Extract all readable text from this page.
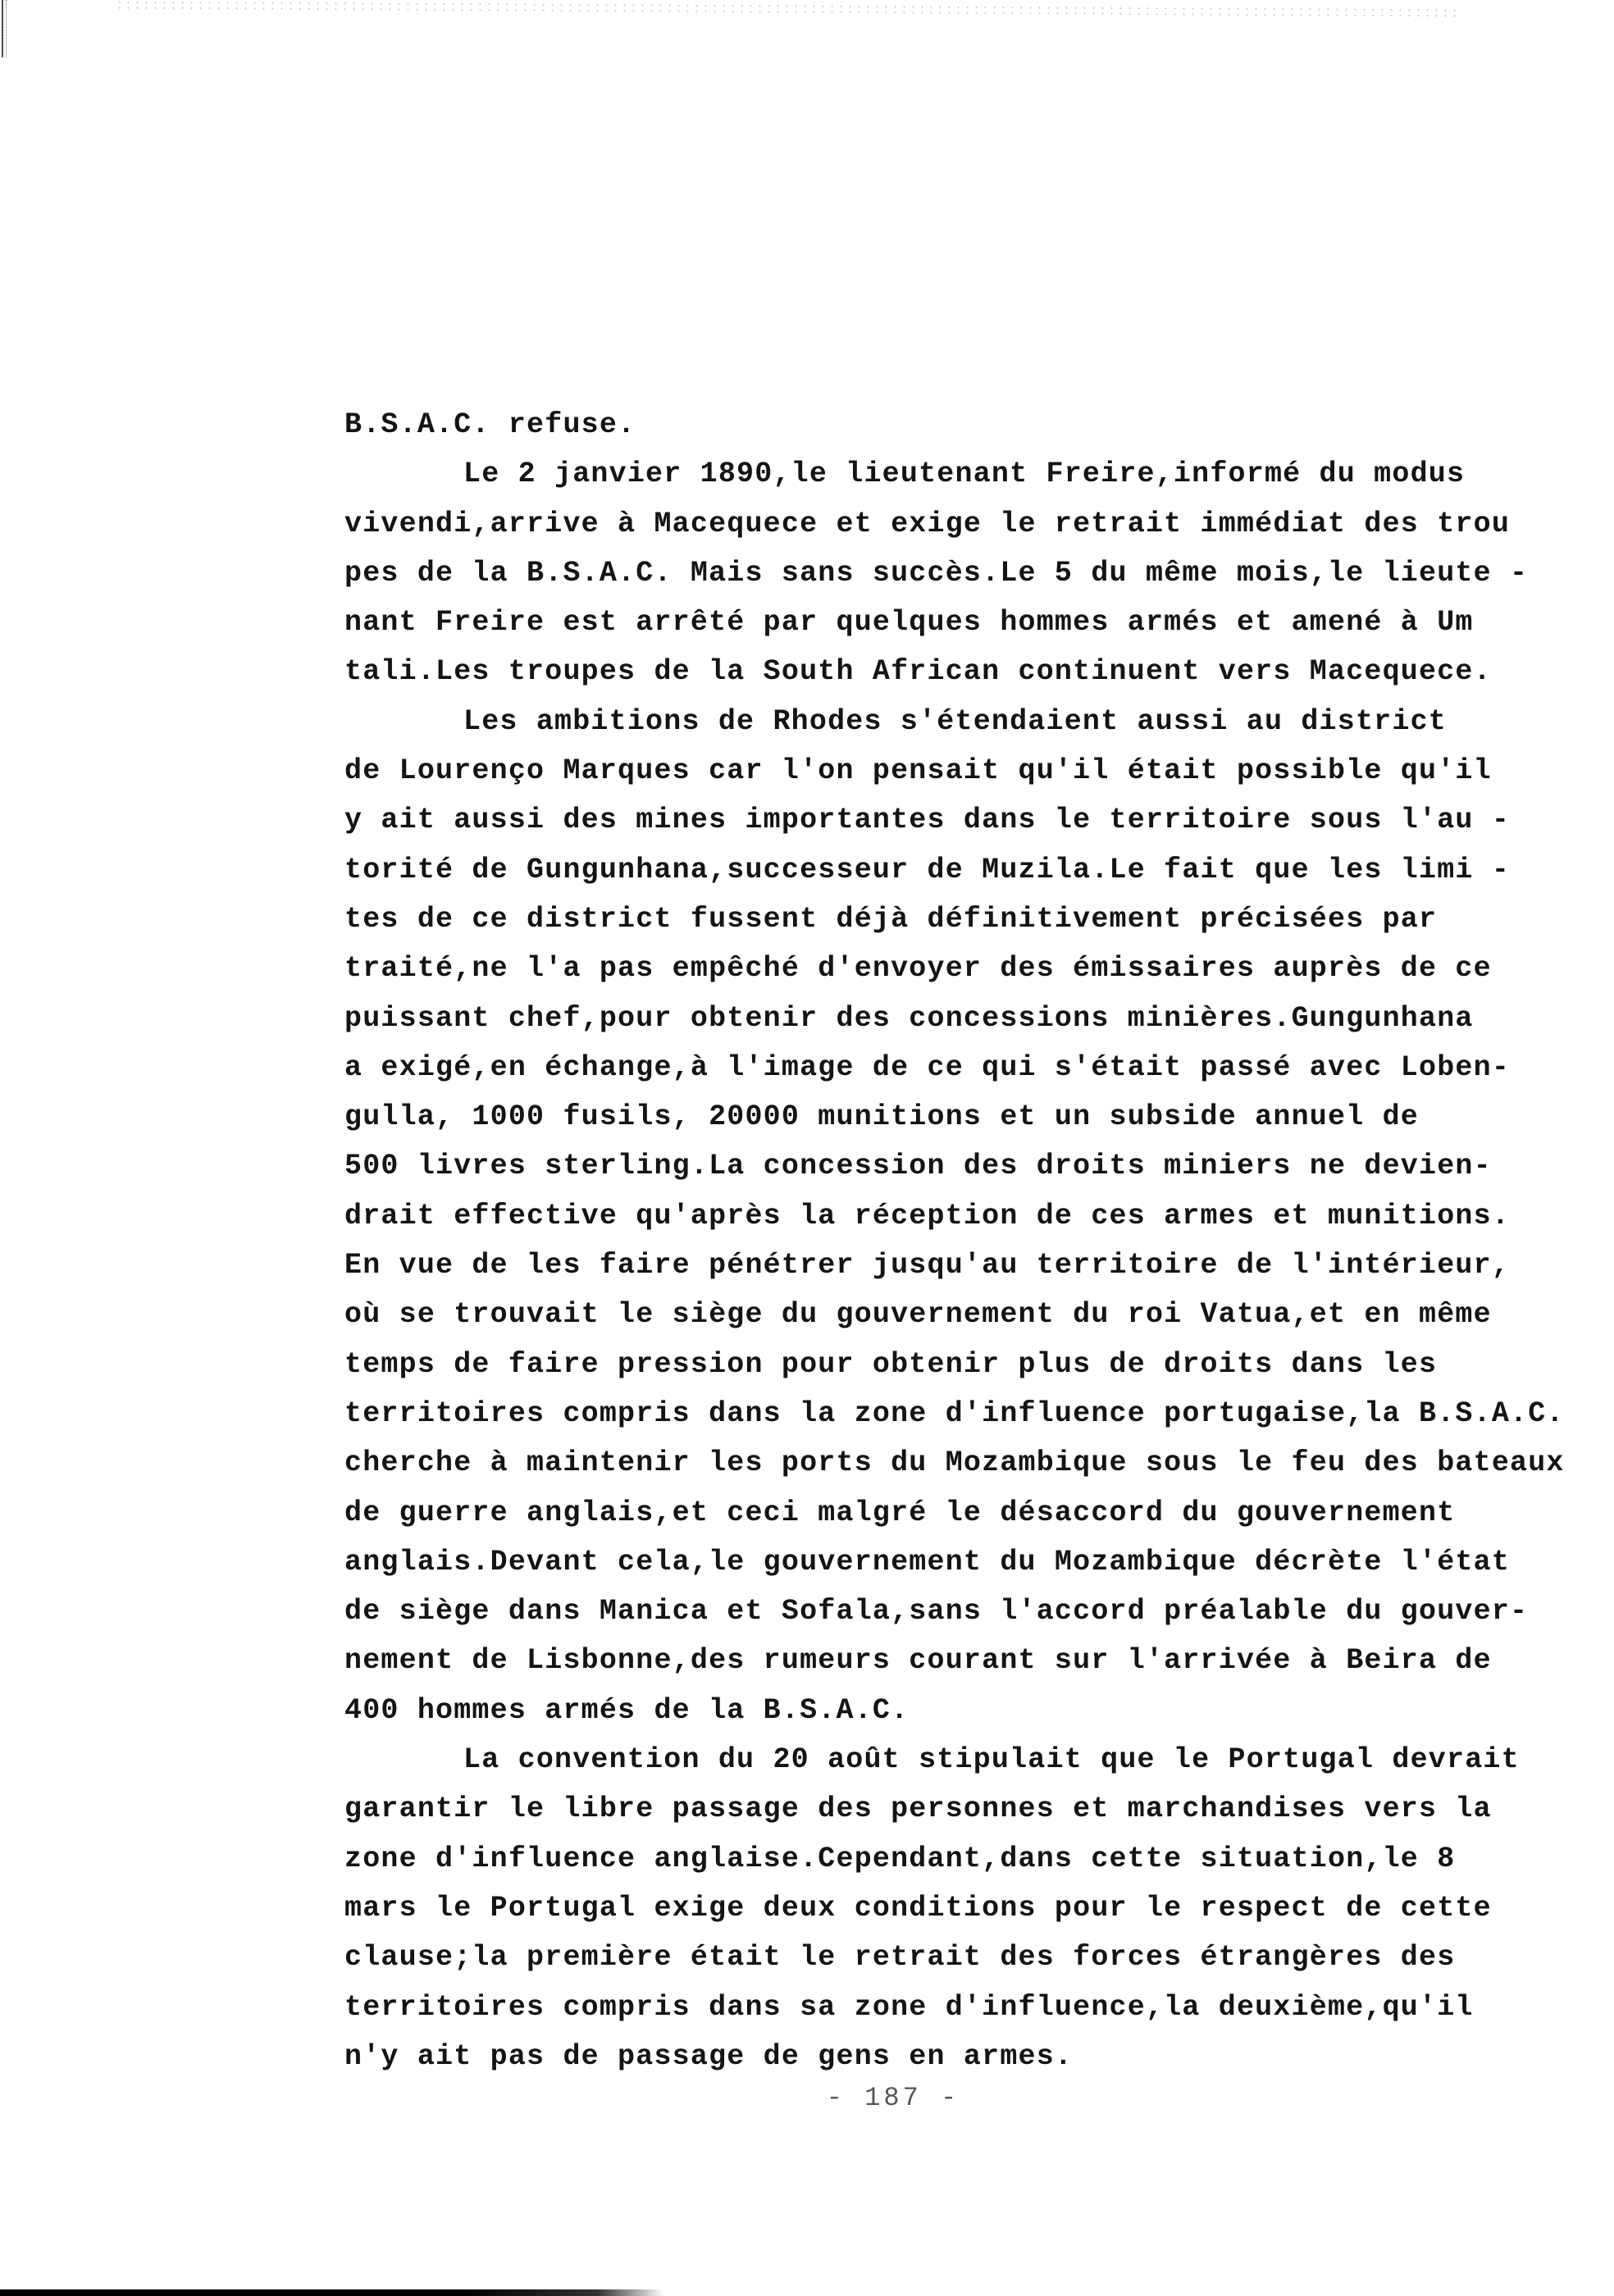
B.S.A.C. refuse.
Le 2 janvier 1890,le lieutenant Freire,informé du modus
vivendi,arrive à Macequece et exige le retrait immédiat des trou
pes de la B.S.A.C. Mais sans succès.Le 5 du même mois,le lieute -
nant Freire est arrêté par quelques hommes armés et amené à Um
tali.Les troupes de la South African continuent vers Macequece.
Les ambitions de Rhodes s'étendaient aussi au district
de Lourenço Marques car l'on pensait qu'il était possible qu'il
y ait aussi des mines importantes dans le territoire sous l'au -
torité de Gungunhana,successeur de Muzila.Le fait que les limi -
tes de ce district fussent déjà définitivement précisées par
traité,ne l'a pas empêché d'envoyer des émissaires auprès de ce
puissant chef,pour obtenir des concessions minières.Gungunhana
a exigé,en échange,à l'image de ce qui s'était passé avec Loben-
gulla, 1000 fusils, 20000 munitions et un subside annuel de
500 livres sterling.La concession des droits miniers ne devien-
drait effective qu'après la réception de ces armes et munitions.
En vue de les faire pénétrer jusqu'au territoire de l'intérieur,
où se trouvait le siège du gouvernement du roi Vatua,et en même
temps de faire pression pour obtenir plus de droits dans les
territoires compris dans la zone d'influence portugaise,la B.S.A.C.
cherche à maintenir les ports du Mozambique sous le feu des bateaux
de guerre anglais,et ceci malgré le désaccord du gouvernement
anglais.Devant cela,le gouvernement du Mozambique décrète l'état
de siège dans Manica et Sofala,sans l'accord préalable du gouver-
nement de Lisbonne,des rumeurs courant sur l'arrivée à Beira de
400 hommes armés de la B.S.A.C.
La convention du 20 août stipulait que le Portugal devrait
garantir le libre passage des personnes et marchandises vers la
zone d'influence anglaise.Cependant,dans cette situation,le 8
mars le Portugal exige deux conditions pour le respect de cette
clause;la première était le retrait des forces étrangères des
territoires compris dans sa zone d'influence,la deuxième,qu'il
n'y ait pas de passage de gens en armes.
- 187 -
